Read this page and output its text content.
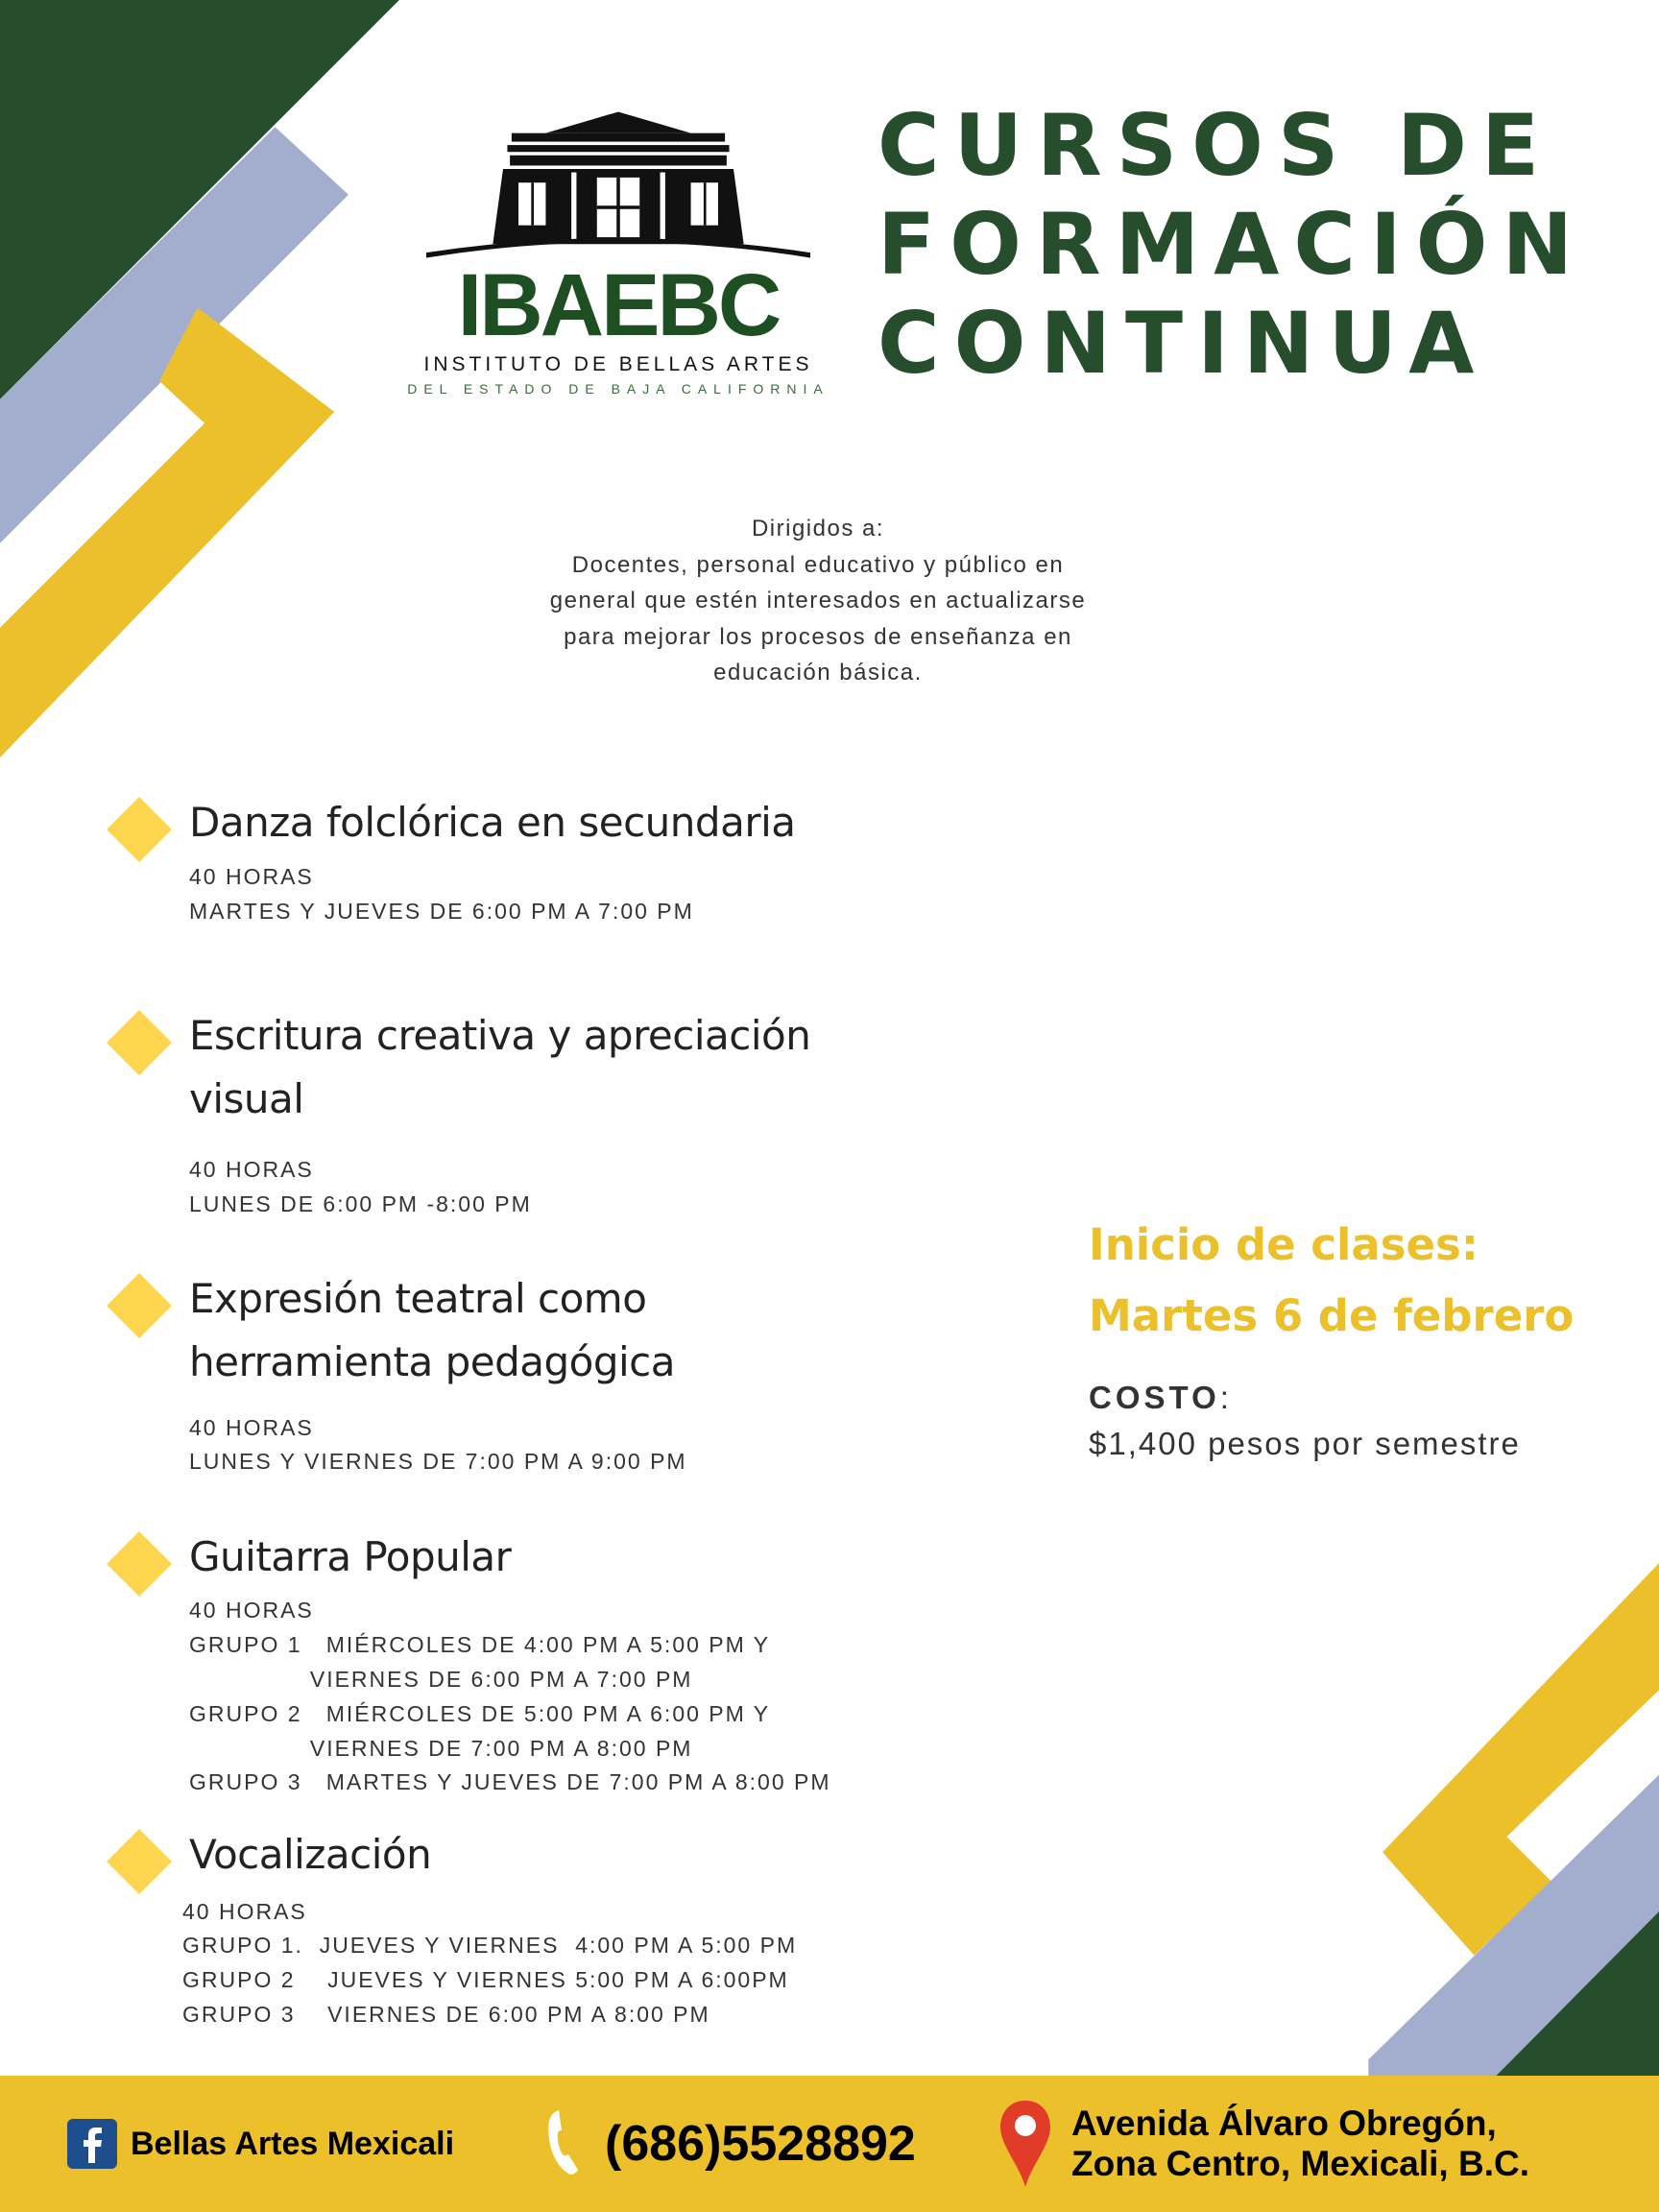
IBAEBC
INSTITUTO DE BELLAS ARTES
DEL ESTADO DE BAJA CALIFORNIA
CURSOS DE
FORMACIÓN
CONTINUA
Dirigidos a:
Docentes, personal educativo y público en
general que estén interesados en actualizarse
para mejorar los procesos de enseñanza en
educación básica.
Danza folclórica en secundaria
40 HORAS
MARTES Y JUEVES DE 6:00 PM A 7:00 PM
Escritura creativa y apreciación
visual
40 HORAS
LUNES DE 6:00 PM -8:00 PM
Expresión teatral como
herramienta pedagógica
40 HORAS
LUNES Y VIERNES DE 7:00 PM A 9:00 PM
Guitarra Popular
40 HORAS
GRUPO 1   MIÉRCOLES DE 4:00 PM A 5:00 PM Y
VIERNES DE 6:00 PM A 7:00 PM
GRUPO 2   MIÉRCOLES DE 5:00 PM A 6:00 PM Y
VIERNES DE 7:00 PM A 8:00 PM
GRUPO 3   MARTES Y JUEVES DE 7:00 PM A 8:00 PM
Vocalización
40 HORAS
GRUPO 1.  JUEVES Y VIERNES  4:00 PM A 5:00 PM
GRUPO 2    JUEVES Y VIERNES 5:00 PM A 6:00PM
GRUPO 3    VIERNES DE 6:00 PM A 8:00 PM
Inicio de clases:
Martes 6 de febrero
COSTO:
$1,400 pesos por semestre
Bellas Artes Mexicali	(686)5528892	Avenida Álvaro Obregón,
Zona Centro, Mexicali, B.C.
